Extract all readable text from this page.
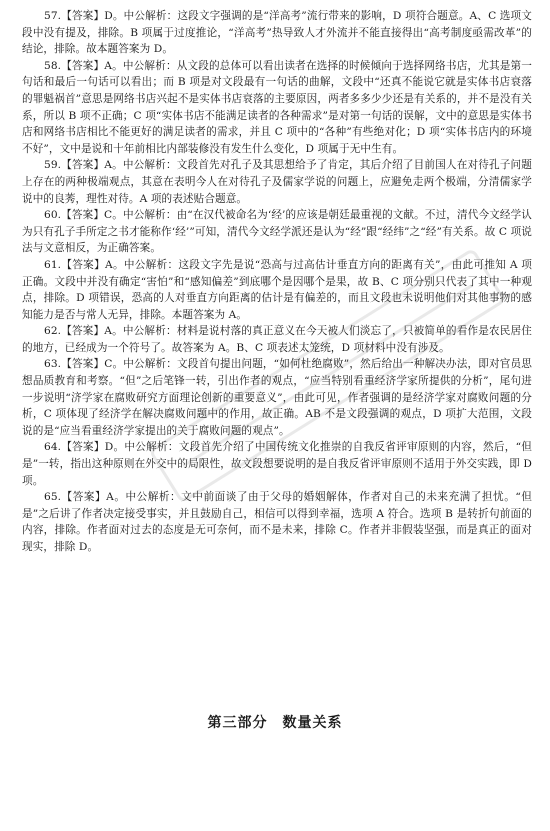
57.【答案】D。中公解析：这段文字强调的是“洋高考”流行带来的影响，D 项符合题意。A、C 选项文段中没有提及，排除。B 项属于过度推论，“洋高考”热导致人才外流并不能直接得出“高考制度亟需改革”的结论，排除。故本题答案为 D。

58.【答案】A。中公解析：从文段的总体可以看出读者在选择的时候倾向于选择网络书店，尤其是第一句话和最后一句话可以看出；而 B 项是对文段最有一句话的曲解，文段中“还真不能说它就是实体书店衰落的罪魁祸首”意思是网络书店兴起不是实体书店衰落的主要原因，两者多多少少还是有关系的，并不是没有关系，所以 B 项不正确；C 项“实体书店不能满足读者的各种需求”是对第一句话的误解，文中的意思是实体书店和网络书店相比不能更好的满足读者的需求，并且 C 项中的“各种”有些绝对化；D 项“实体书店内的环境不好”，文中是说和十年前相比内部装修没有发生什么变化，D 项属于无中生有。

59.【答案】A。中公解析：文段首先对孔子及其思想给予了肯定，其后介绍了目前国人在对待孔子问题上存在的两种极端观点，其意在表明今人在对待孔子及儒家学说的问题上，应避免走两个极端，分清儒家学说中的良莠，理性对待。A 项的表述贴合题意。

60.【答案】C。中公解析：由“在汉代被命名为‘经’的应该是朝廷最重视的文献。不过，清代今文经学认为只有孔子手所定之书才能称作‘经’”可知，清代今文经学派还是认为“经”跟“经纬”之“经”有关系。故 C 项说法与文意相反，为正确答案。

61.【答案】A。中公解析：这段文字先是说“恐高与过高估计垂直方向的距离有关”，由此可推知 A 项正确。文段中并没有确定“害怕”和“感知偏差”到底哪个是因哪个是果，故 B、C 项分别只代表了其中一种观点，排除。D 项错误，恐高的人对垂直方向距离的估计是有偏差的，而且文段也未说明他们对其他事物的感知能力是否与常人无异，排除。本题答案为 A。

62.【答案】A。中公解析：材料是说村落的真正意义在今天被人们淡忘了，只被简单的看作是农民居住的地方，已经成为一个符号了。故答案为 A。B、C 项表述太笼统，D 项材料中没有涉及。

63.【答案】C。中公解析：文段首句提出问题，“如何杜绝腐败”，然后给出一种解决办法，即对官员思想品质教育和考察。“但”之后笔锋一转，引出作者的观点，“应当特别看重经济学家所提供的分析”，尾句进一步说明“济学家在腐败研究方面理论创新的重要意义”，由此可见，作者强调的是经济学家对腐败问题的分析，C 项体现了经济学在解决腐败问题中的作用，故正确。AB 不是文段强调的观点，D 项扩大范围，文段说的是“应当看重经济学家提出的关于腐败问题的观点”。

64.【答案】D。中公解析：文段首先介绍了中国传统文化推崇的自我反省评审原则的内容，然后，“但是”一转，指出这种原则在外交中的局限性，故文段想要说明的是自我反省评审原则不适用于外交实践，即 D 项。

65.【答案】A。中公解析：文中前面谈了由于父母的婚姻解体，作者对自己的未来充满了担忧。“但是”之后讲了作者决定接受事实，并且鼓励自己，相信可以得到幸福，选项 A 符合。选项 B 是转折句前面的内容，排除。作者面对过去的态度是无可奈何，而不是未来，排除 C。作者并非假装坚强，而是真正的面对现实，排除 D。

第三部分　数量关系
